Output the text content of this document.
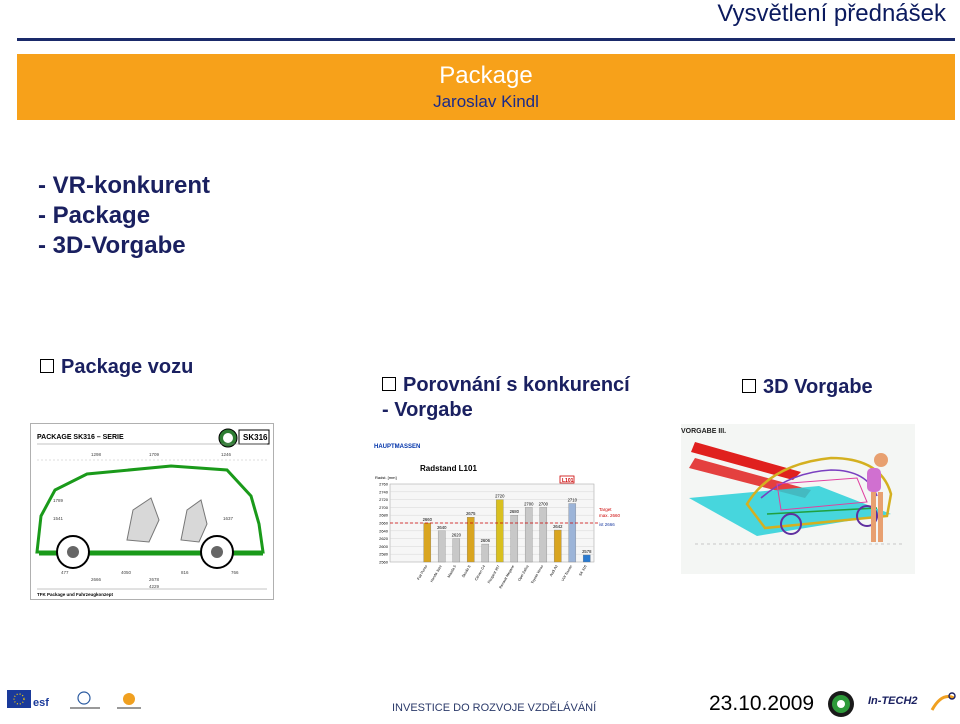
Vysvětlení přednášek
Package
Jaroslav Kindl
- VR-konkurent
- Package
- 3D-Vorgabe
Package vozu
Porovnání s konkurencí
- Vorgabe
3D Vorgabe
PACKAGE SK316 – SERIE	SK316
1298	1709	1246
4050
2678
4229
477	816	766
1541	1637
1789
2666
TFK Package und Fahrzeugkonzept
HAUPTMASSEN
Radstand L101
Radst. [mm]
L101
Target
max. 2660
ist 2666
2760
2740
2720
2700
2680
2660
2640
2620
2600
2580
2560
2660
Fiat Punto
2640
Honda Jazz
2620
Mazda 5
2675
Škoda S
2606
Citroen C4
2720
Peugeot 307
2680
Renault Megane
2700
Opel Zafira
2700
Toyota Verso
2642
Audi A3
2710
VW Touran
2578
SK 316
VORGABE III.
esf	INVESTICE DO ROZVOJE VZDĚLÁVÁNÍ	23.10.2009	In-TECH2
